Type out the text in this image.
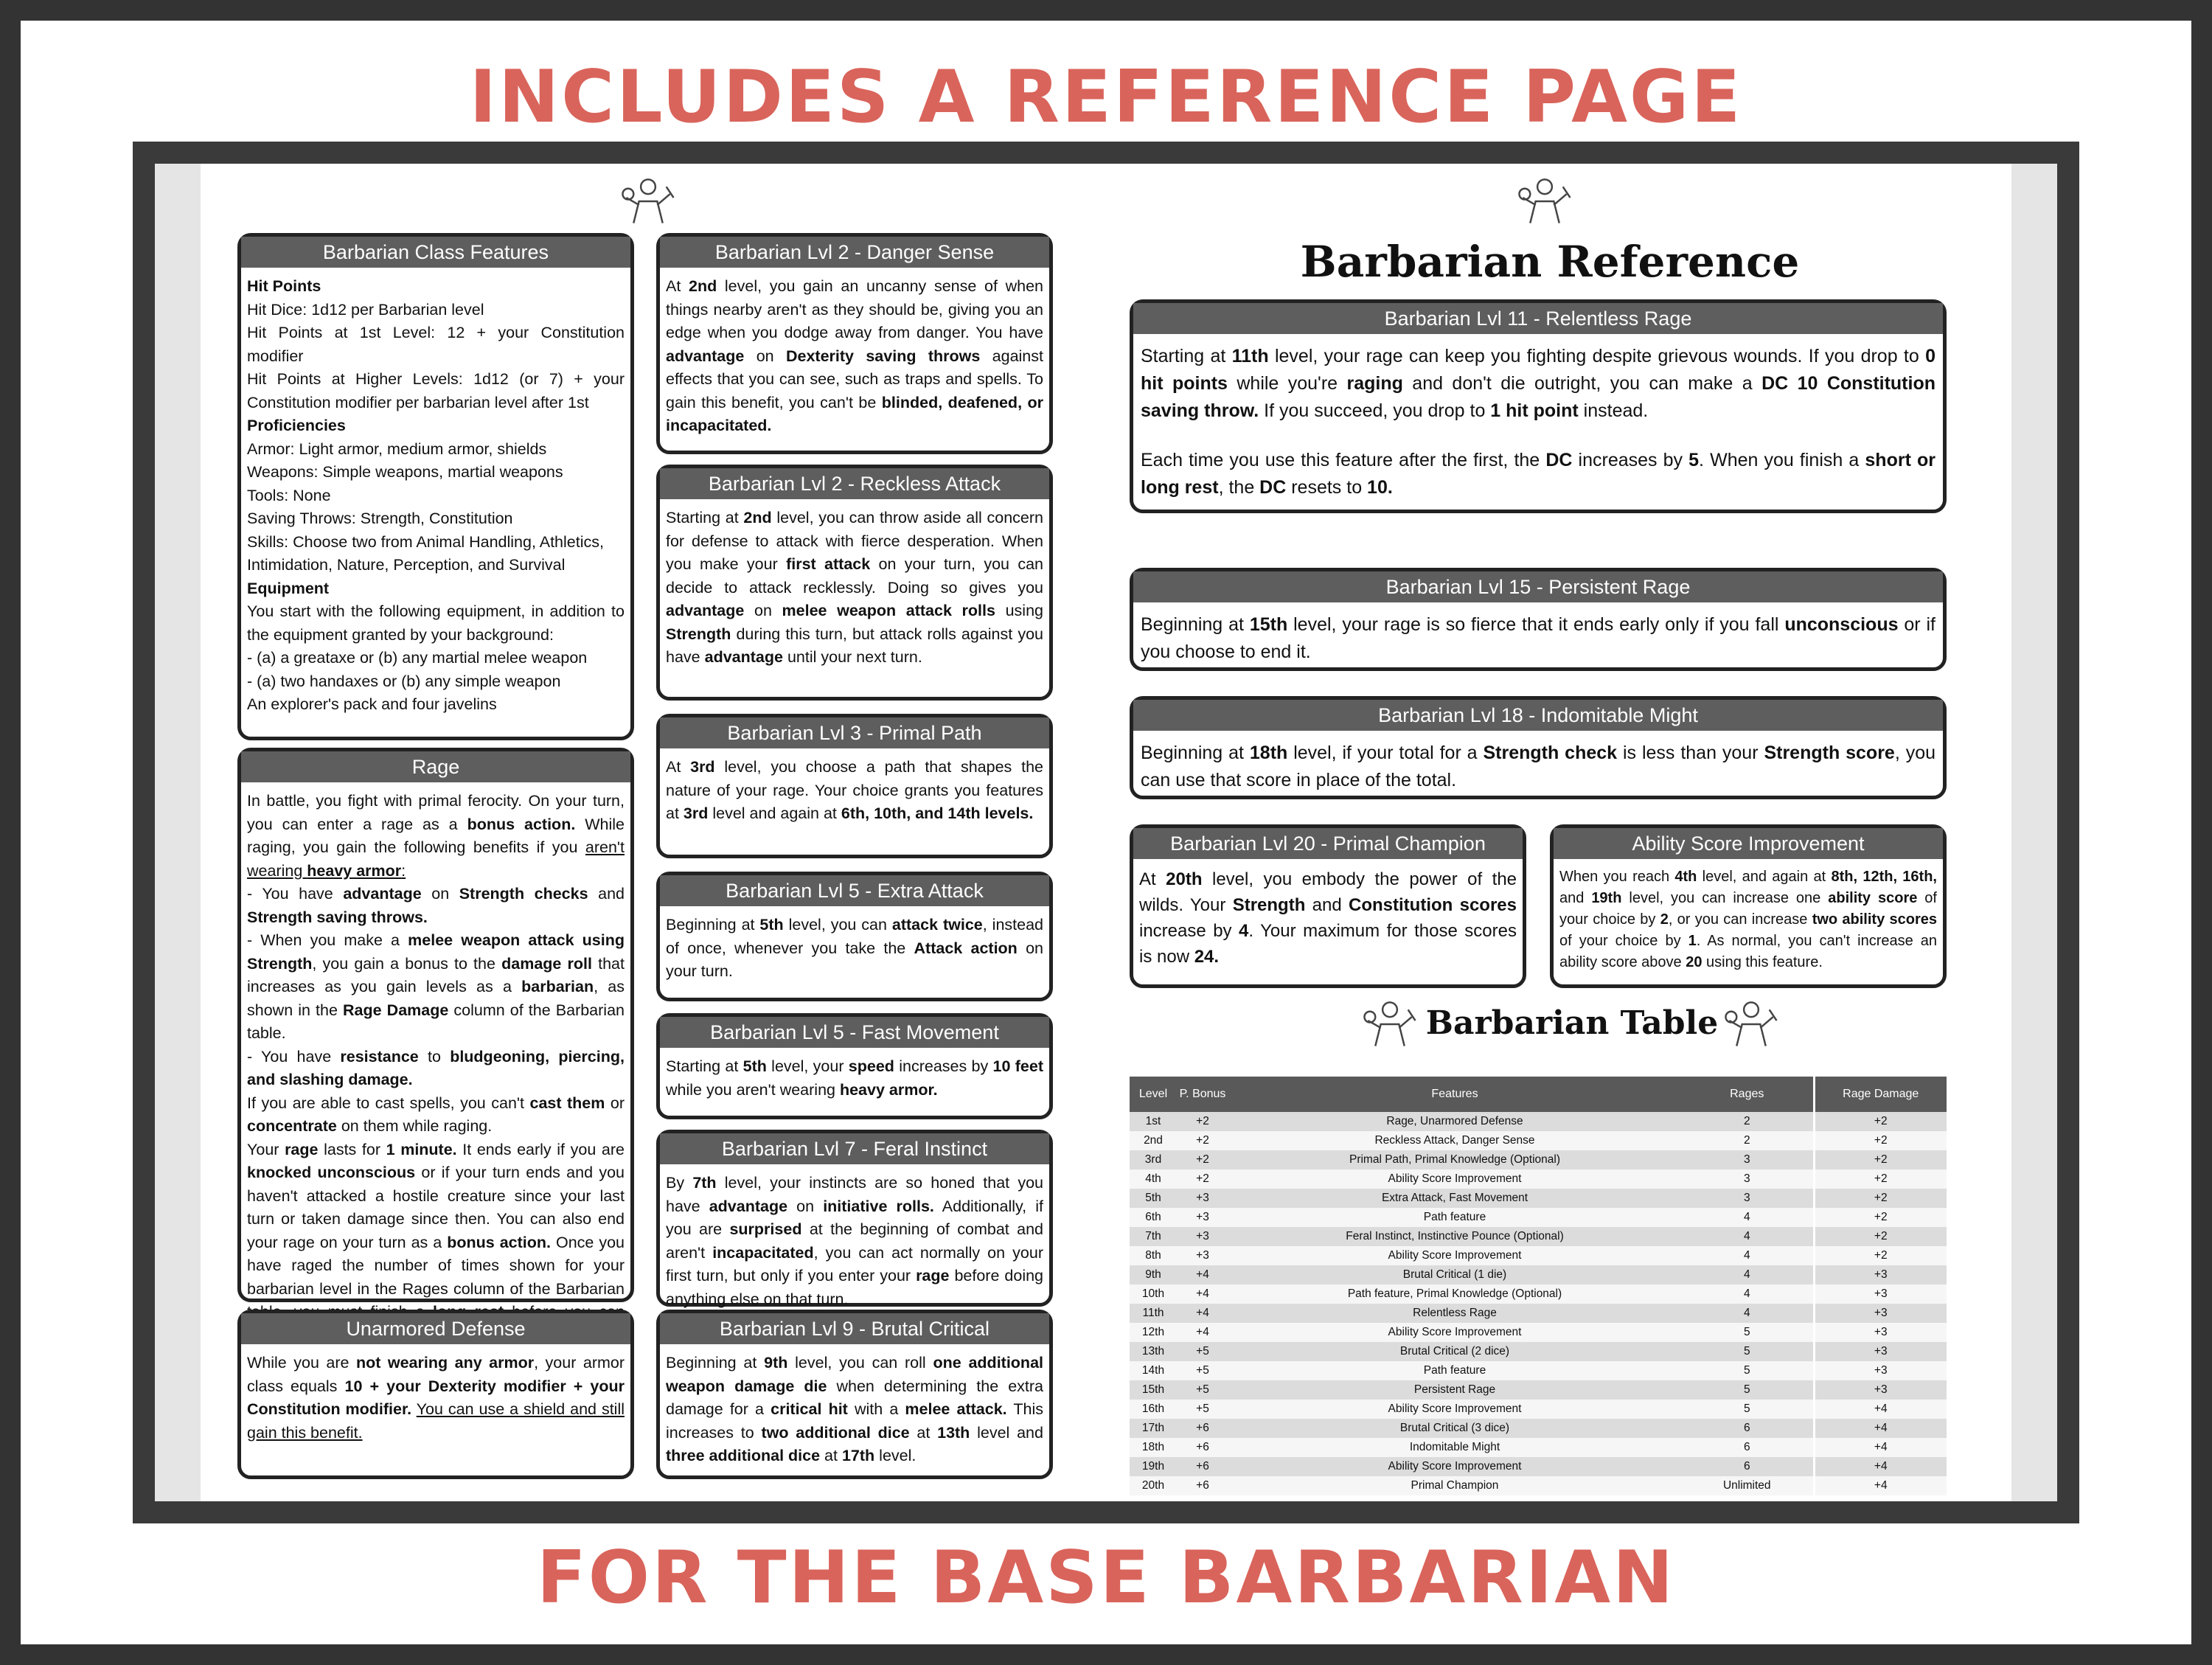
INCLUDES A REFERENCE PAGE
FOR THE BASE BARBARIAN
Barbarian Class Features

Hit Points

Hit Dice: 1d12 per Barbarian level

Hit Points at 1st Level: 12 + your Constitution modifier

Hit Points at Higher Levels: 1d12 (or 7) + your Constitution modifier per barbarian level after 1st

Proficiencies

Armor: Light armor, medium armor, shields

Weapons: Simple weapons, martial weapons

Tools: None

Saving Throws: Strength, Constitution

Skills: Choose two from Animal Handling, Athletics, Intimidation, Nature, Perception, and Survival

Equipment

You start with the following equipment, in addition to the equipment granted by your background:

- (a) a greataxe or (b) any martial melee weapon

- (a) two handaxes or (b) any simple weapon

An explorer's pack and four javelins

Rage
In battle, you fight with primal ferocity. On your turn, you can enter a rage as a bonus action. While raging, you gain the following benefits if you aren't wearing heavy armor:
- You have advantage on Strength checks and Strength saving throws.
- When you make a melee weapon attack using Strength, you gain a bonus to the damage roll that increases as you gain levels as a barbarian, as shown in the Rage Damage column of the Barbarian table.
- You have resistance to bludgeoning, piercing, and slashing damage.
If you are able to cast spells, you can't cast them or concentrate on them while raging.
Your rage lasts for 1 minute. It ends early if you are knocked unconscious or if your turn ends and you haven't attacked a hostile creature since your last turn or taken damage since then. You can also end your rage on your turn as a bonus action. Once you have raged the number of times shown for your barbarian level in the Rages column of the Barbarian
Unarmored Defense
While you are not wearing any armor, your armor class equals 10 + your Dexterity modifier + your Constitution modifier. You can use a shield and still gain this benefit.
Barbarian Lvl 2 - Danger Sense
At 2nd level, you gain an uncanny sense of when things nearby aren't as they should be, giving you an edge when you dodge away from danger. You have advantage on Dexterity saving throws against effects that you can see, such as traps and spells. To gain this benefit, you can't be blinded, deafened, or incapacitated.
Barbarian Lvl 2 - Reckless Attack
Starting at 2nd level, you can throw aside all concern for defense to attack with fierce desperation. When you make your first attack on your turn, you can decide to attack recklessly. Doing so gives you advantage on melee weapon attack rolls using Strength during this turn, but attack rolls against you have advantage until your next turn.
Barbarian Lvl 3 - Primal Path
At 3rd level, you choose a path that shapes the nature of your rage. Your choice grants you features at 3rd level and again at 6th, 10th, and 14th levels.
Barbarian Lvl 5 - Extra Attack
Beginning at 5th level, you can attack twice, instead of once, whenever you take the Attack action on your turn.
Barbarian Lvl 5 - Fast Movement
Starting at 5th level, your speed increases by 10 feet while you aren't wearing heavy armor.
Barbarian Lvl 7 - Feral Instinct
By 7th level, your instincts are so honed that you have advantage on initiative rolls. Additionally, if you are surprised at the beginning of combat and aren't incapacitated, you can act normally on your first turn, but only if you enter your rage before doing anything else on that turn.
Barbarian Lvl 9 - Brutal Critical
Beginning at 9th level, you can roll one additional weapon damage die when determining the extra damage for a critical hit with a melee attack. This increases to two additional dice at 13th level and three additional dice at 17th level.
Barbarian Reference
Barbarian Lvl 11 - Relentless Rage
Starting at 11th level, your rage can keep you fighting despite grievous wounds. If you drop to 0 hit points while you're raging and don't die outright, you can make a DC 10 Constitution saving throw. If you succeed, you drop to 1 hit point instead.
Each time you use this feature after the first, the DC increases by 5. When you finish a short or long rest, the DC resets to 10.
Barbarian Lvl 15 - Persistent Rage
Beginning at 15th level, your rage is so fierce that it ends early only if you fall unconscious or if you choose to end it.
Barbarian Lvl 18 - Indomitable Might
Beginning at 18th level, if your total for a Strength check is less than your Strength score, you can use that score in place of the total.
Barbarian Lvl 20 - Primal Champion
At 20th level, you embody the power of the wilds. Your Strength and Constitution scores increase by 4. Your maximum for those scores is now 24.
Ability Score Improvement
When you reach 4th level, and again at 8th, 12th, 16th, and 19th level, you can increase one ability score of your choice by 2, or you can increase two ability scores of your choice by 1. As normal, you can't increase an ability score above 20 using this feature.
Barbarian Table
Level	P. Bonus	Features	Rages	Rage Damage
1st	+2	Rage, Unarmored Defense	2	+2
2nd	+2	Reckless Attack, Danger Sense	2	+2
3rd	+2	Primal Path, Primal Knowledge (Optional)	3	+2
4th	+2	Ability Score Improvement	3	+2
5th	+3	Extra Attack, Fast Movement	3	+2
6th	+3	Path feature	4	+2
7th	+3	Feral Instinct, Instinctive Pounce (Optional)	4	+2
8th	+3	Ability Score Improvement	4	+2
9th	+4	Brutal Critical (1 die)	4	+3
10th	+4	Path feature, Primal Knowledge (Optional)	4	+3
11th	+4	Relentless Rage	4	+3
12th	+4	Ability Score Improvement	5	+3
13th	+5	Brutal Critical (2 dice)	5	+3
14th	+5	Path feature	5	+3
15th	+5	Persistent Rage	5	+3
16th	+5	Ability Score Improvement	5	+4
17th	+6	Brutal Critical (3 dice)	6	+4
18th	+6	Indomitable Might	6	+4
19th	+6	Ability Score Improvement	6	+4
20th	+6	Primal Champion	Unlimited	+4
